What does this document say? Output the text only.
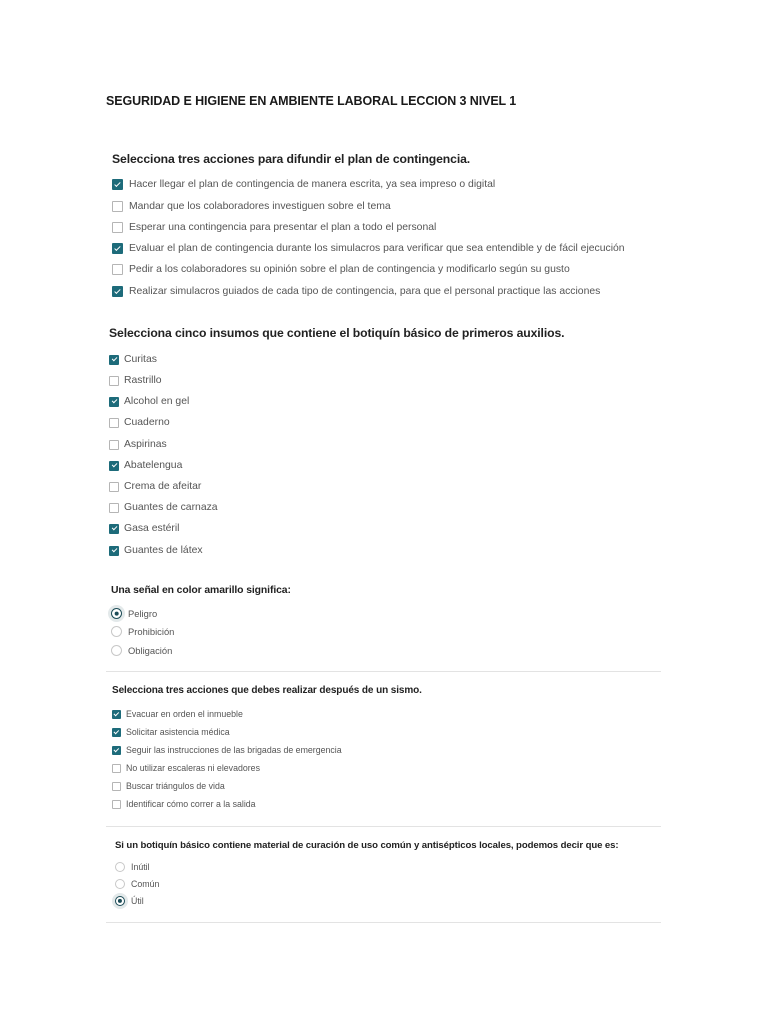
SEGURIDAD E HIGIENE EN AMBIENTE LABORAL LECCION 3 NIVEL 1
Selecciona tres acciones para difundir el plan de contingencia.
Hacer llegar el plan de contingencia de manera escrita, ya sea impreso o digital
Mandar que los colaboradores investiguen sobre el tema
Esperar una contingencia para presentar el plan a todo el personal
Evaluar el plan de contingencia durante los simulacros para verificar que sea entendible y de fácil ejecución
Pedir a los colaboradores su opinión sobre el plan de contingencia y modificarlo según su gusto
Realizar simulacros guiados de cada tipo de contingencia, para que el personal practique las acciones
Selecciona cinco insumos que contiene el botiquín básico de primeros auxilios.
Curitas
Rastrillo
Alcohol en gel
Cuaderno
Aspirinas
Abatelengua
Crema de afeitar
Guantes de carnaza
Gasa estéril
Guantes de látex
Una señal en color amarillo significa:
Peligro
Prohibición
Obligación
Selecciona tres acciones que debes realizar después de un sismo.
Evacuar en orden el inmueble
Solicitar asistencia médica
Seguir las instrucciones de las brigadas de emergencia
No utilizar escaleras ni elevadores
Buscar triángulos de vida
Identificar cómo correr a la salida
Si un botiquín básico contiene material de curación de uso común y antisépticos locales, podemos decir que es:
Inútil
Común
Útil
